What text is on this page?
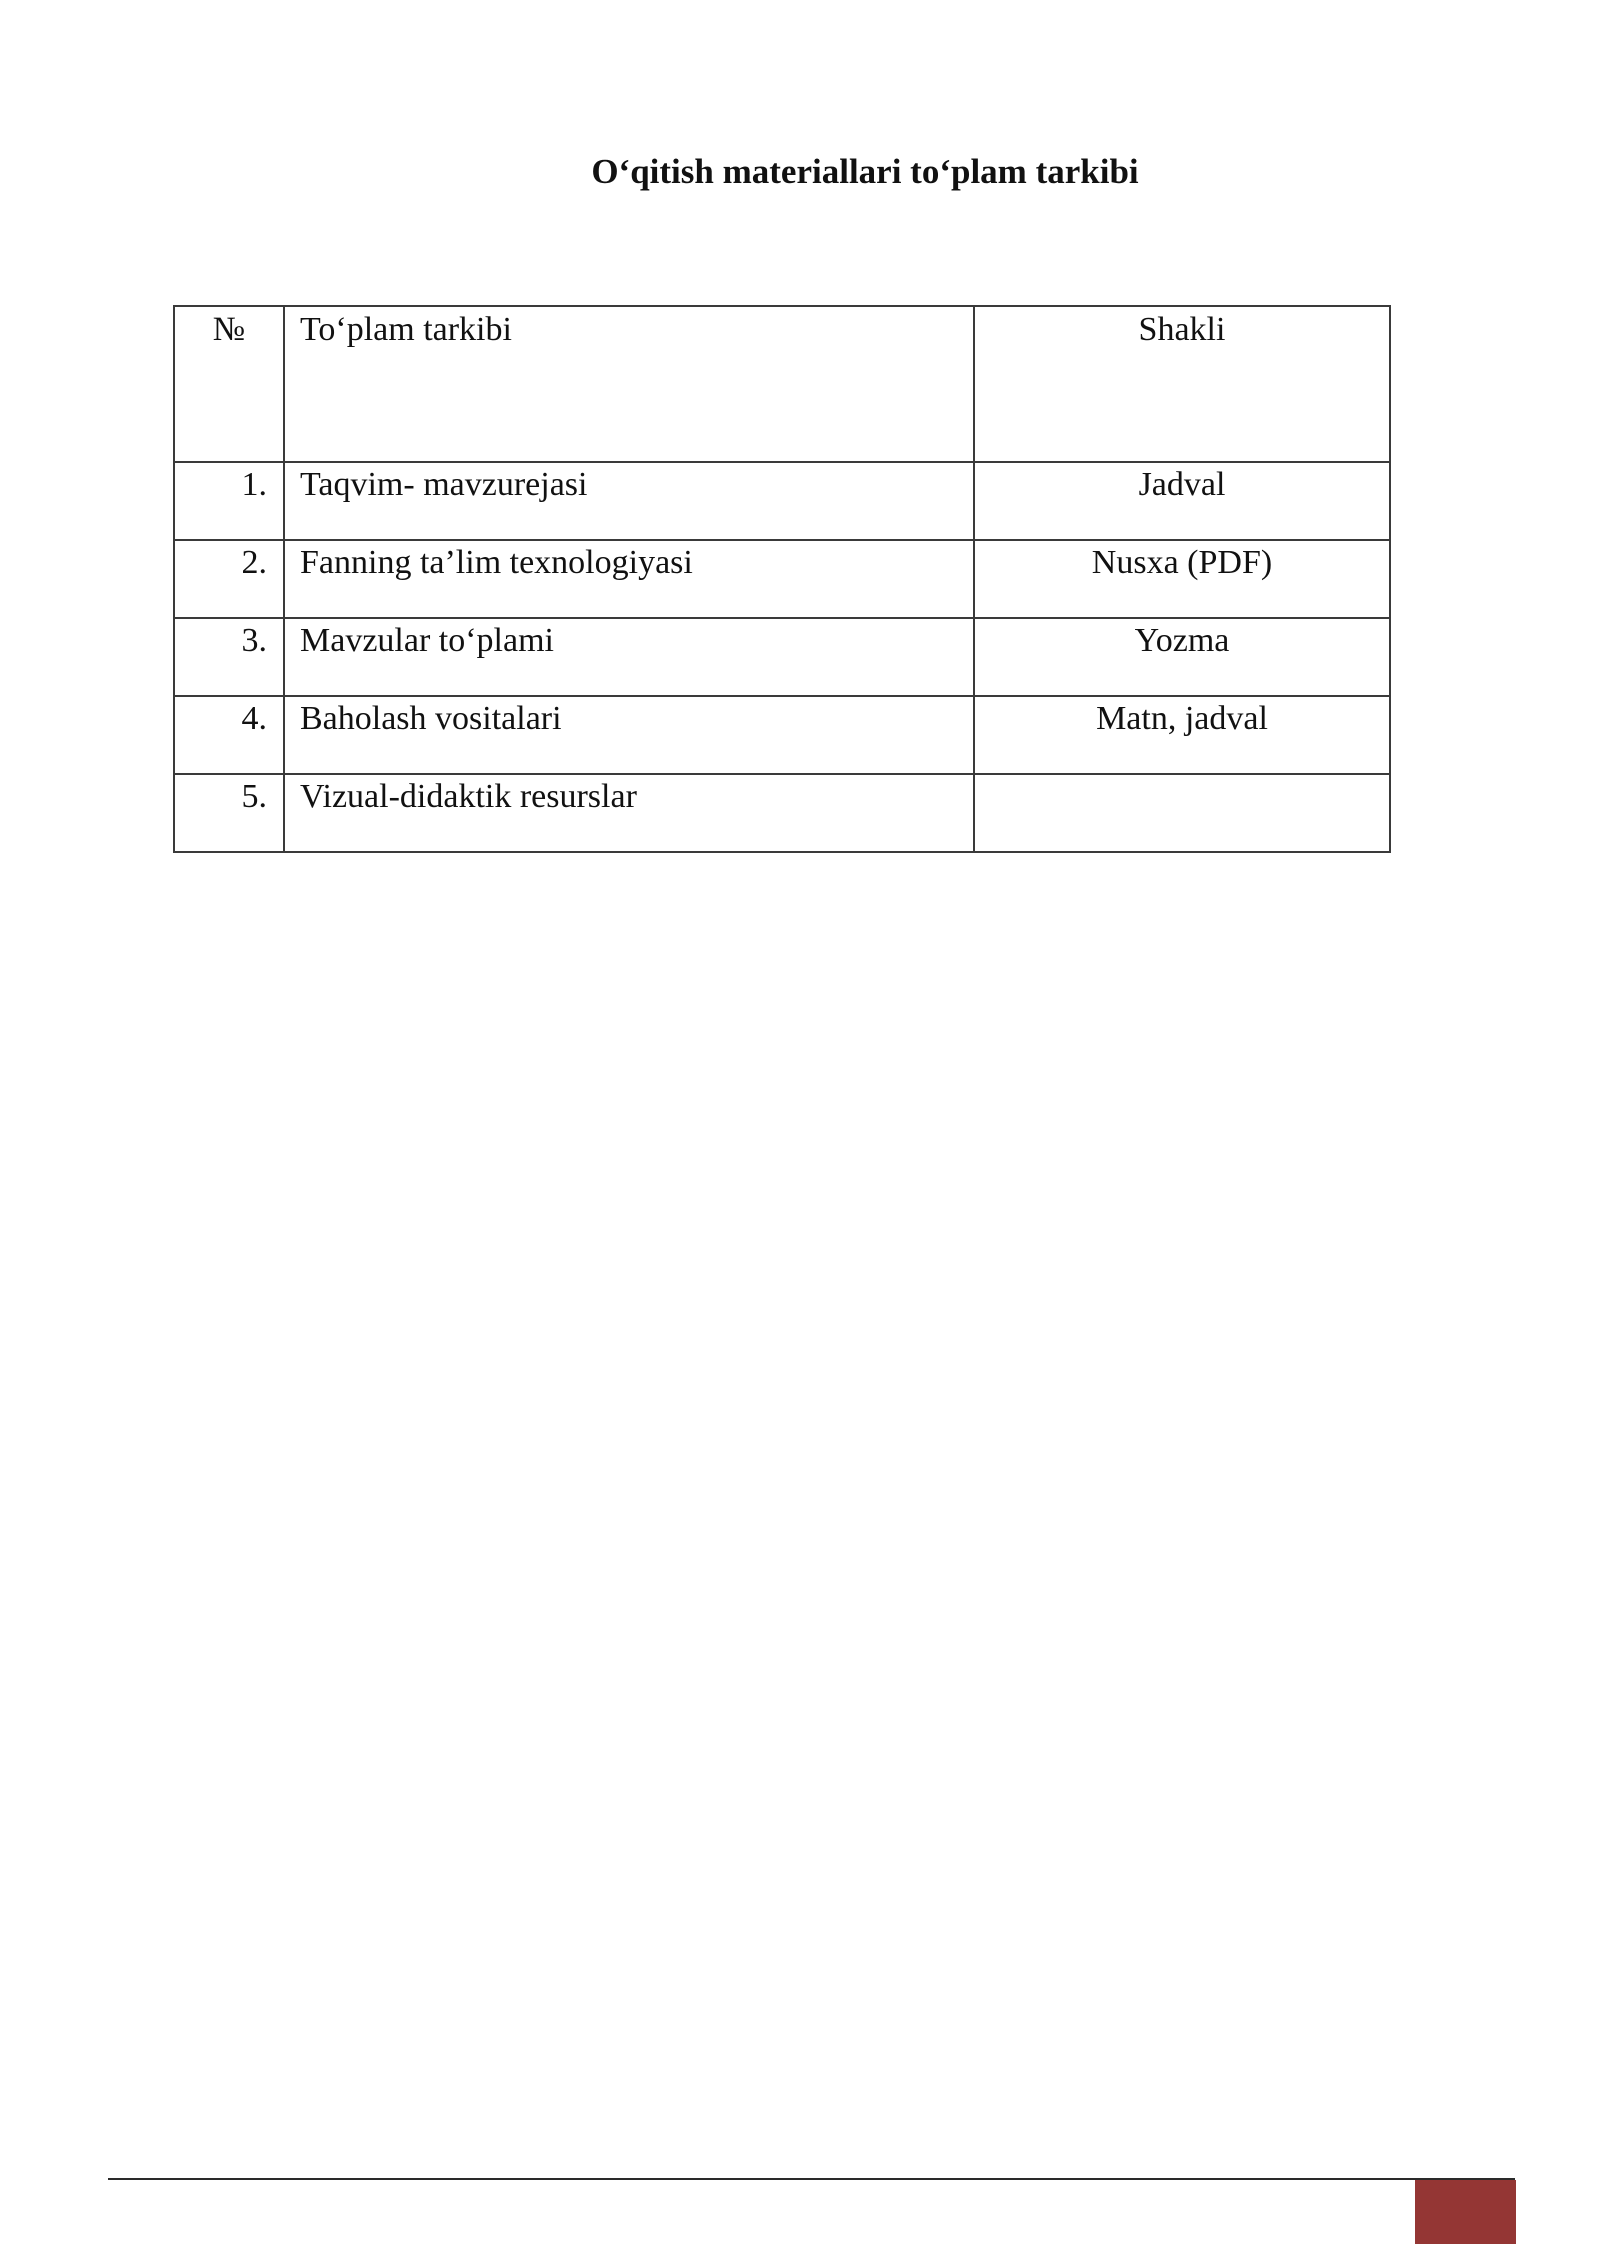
O‘qitish materiallari to‘plam tarkibi
№	To‘plam tarkibi	Shakli
1.	Taqvim- mavzurejasi	Jadval
2.	Fanning ta’lim texnologiyasi	Nusxa (PDF)
3.	Mavzular to‘plami	Yozma
4.	Baholash vositalari	Matn, jadval
5.	Vizual-didaktik resurslar	
